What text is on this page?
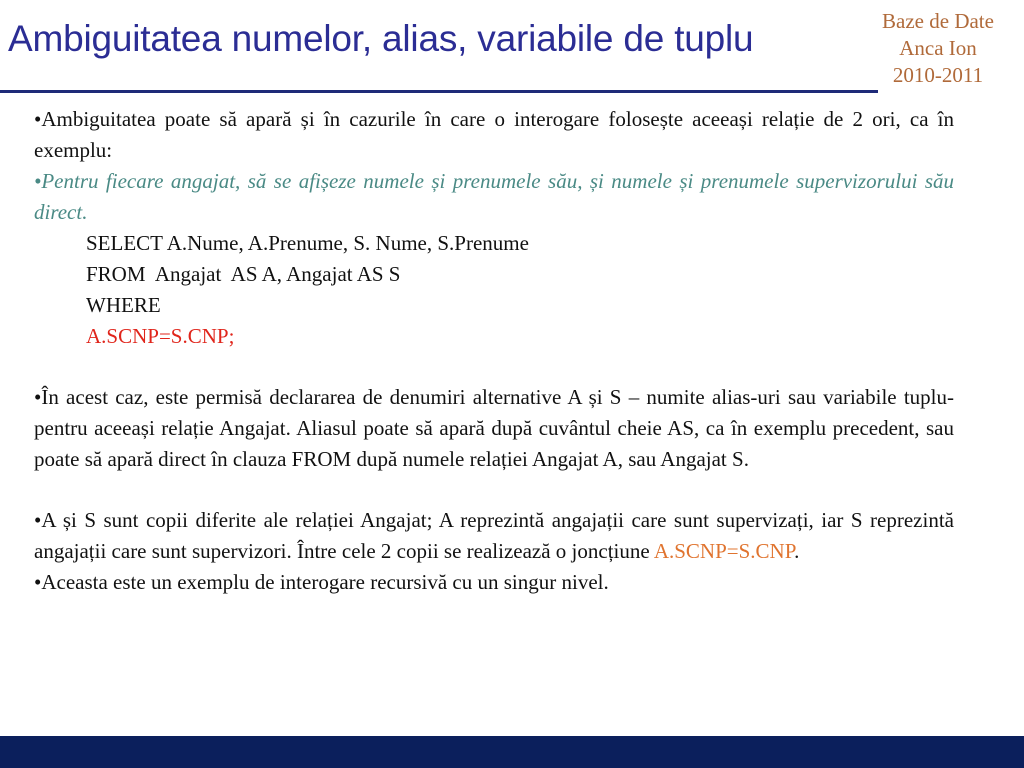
Ambiguitatea numelor, alias, variabile de tuplu	Baze de Date
Anca Ion
2010-2011

•Ambiguitatea poate să apară și în cazurile în care o interogare folosește aceeași relație de 2 ori, ca în exemplu:

•Pentru fiecare angajat, să se afișeze numele și prenumele său, și numele și prenumele supervizorului său direct.

SELECT A.Nume, A.Prenume, S. Nume, S.Prenume

FROM  Angajat  AS A, Angajat AS S

WHERE

A.SCNP=S.CNP;

•În acest caz, este permisă declararea de denumiri alternative A și S – numite alias-uri sau variabile tuplu- pentru aceeași relație Angajat. Aliasul poate să apară după cuvântul cheie AS, ca în exemplu precedent, sau poate să apară direct în clauza FROM după numele relației Angajat A, sau Angajat S.

•A și S sunt copii diferite ale relației Angajat; A reprezintă angajații care sunt supervizați, iar S reprezintă angajații care sunt supervizori. Între cele 2 copii se realizează o joncțiune A.SCNP=S.CNP.

•Aceasta este un exemplu de interogare recursivă cu un singur nivel.
